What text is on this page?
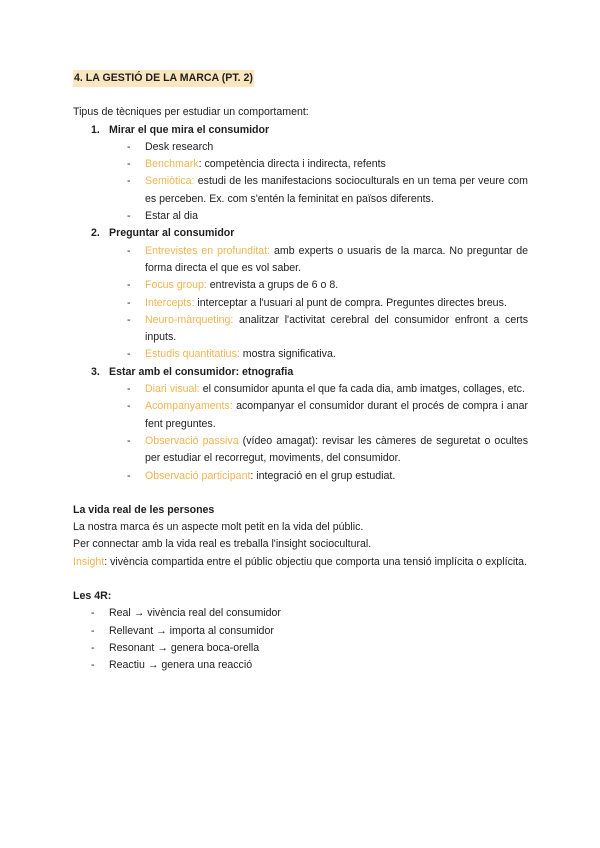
4. LA GESTIÓ DE LA MARCA (PT. 2)

Tipus de tècniques per estudiar un comportament:

1. Mirar el que mira el consumidor

- Desk research
- Benchmark: competència directa i indirecta, refents
- Semiòtica: estudi de les manifestacions socioculturals en un tema per veure com es perceben. Ex. com s'entén la feminitat en països diferents.
- Estar al dia

2. Preguntar al consumidor

- Entrevistes en profunditat: amb experts o usuaris de la marca. No preguntar de forma directa el que es vol saber.
- Focus group: entrevista a grups de 6 o 8.
- Intercepts: interceptar a l'usuari al punt de compra. Preguntes directes breus.
- Neuro-màrqueting: analitzar l'activitat cerebral del consumidor enfront a certs inputs.
- Estudis quantitatius: mostra significativa.

3. Estar amb el consumidor: etnografia

- Diari visual: el consumidor apunta el que fa cada dia, amb imatges, collages, etc.
- Acompanyaments: acompanyar el consumidor durant el procés de compra i anar fent preguntes.
- Observació passiva (vídeo amagat): revisar les càmeres de seguretat o ocultes per estudiar el recorregut, moviments, del consumidor.
- Observació participant: integració en el grup estudiat.

La vida real de les persones

La nostra marca és un aspecte molt petit en la vida del públic.

Per connectar amb la vida real es treballa l'insight sociocultural.

Insight: vivència compartida entre el públic objectiu que comporta una tensió implícita o explícita.

Les 4R:

- Real → vivència real del consumidor
- Rellevant → importa al consumidor
- Resonant → genera boca-orella
- Reactiu → genera una reacció
